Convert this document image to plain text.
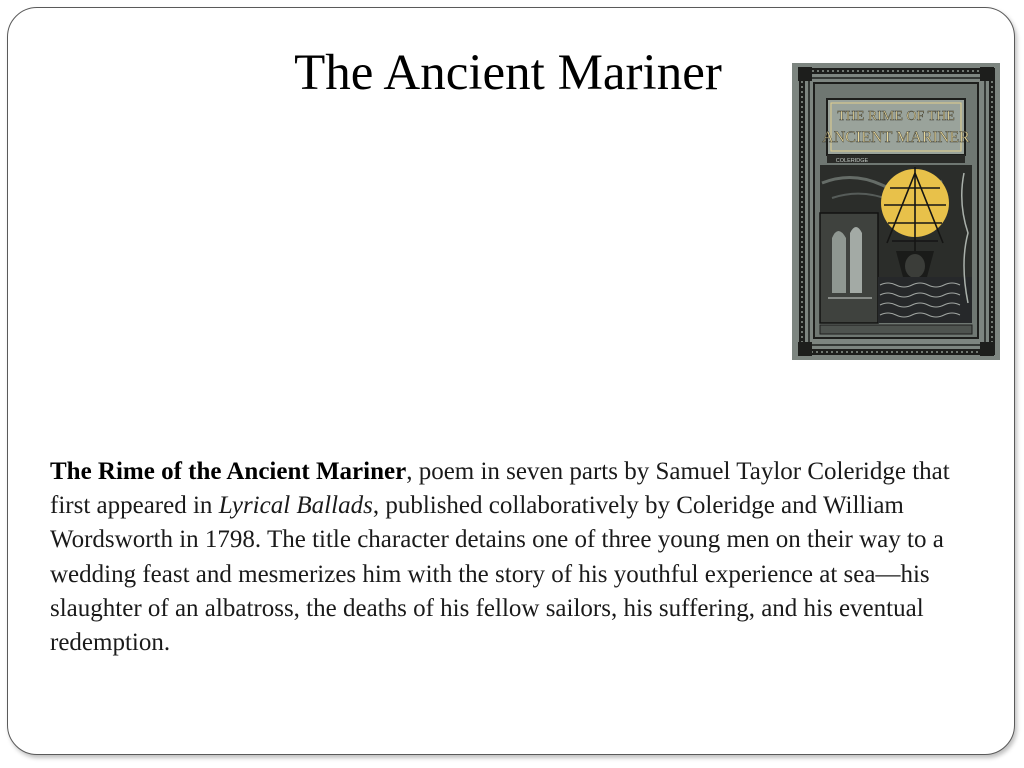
The Ancient Mariner
THE RIME OF THE
ANCIENT MARINER
COLERIDGE

The Rime of the Ancient Mariner, poem in seven parts by Samuel Taylor Coleridge that first appeared in Lyrical Ballads, published collaboratively by Coleridge and William Wordsworth in 1798. The title character detains one of three young men on their way to a wedding feast and mesmerizes him with the story of his youthful experience at sea—his slaughter of an albatross, the deaths of his fellow sailors, his suffering, and his eventual redemption.
